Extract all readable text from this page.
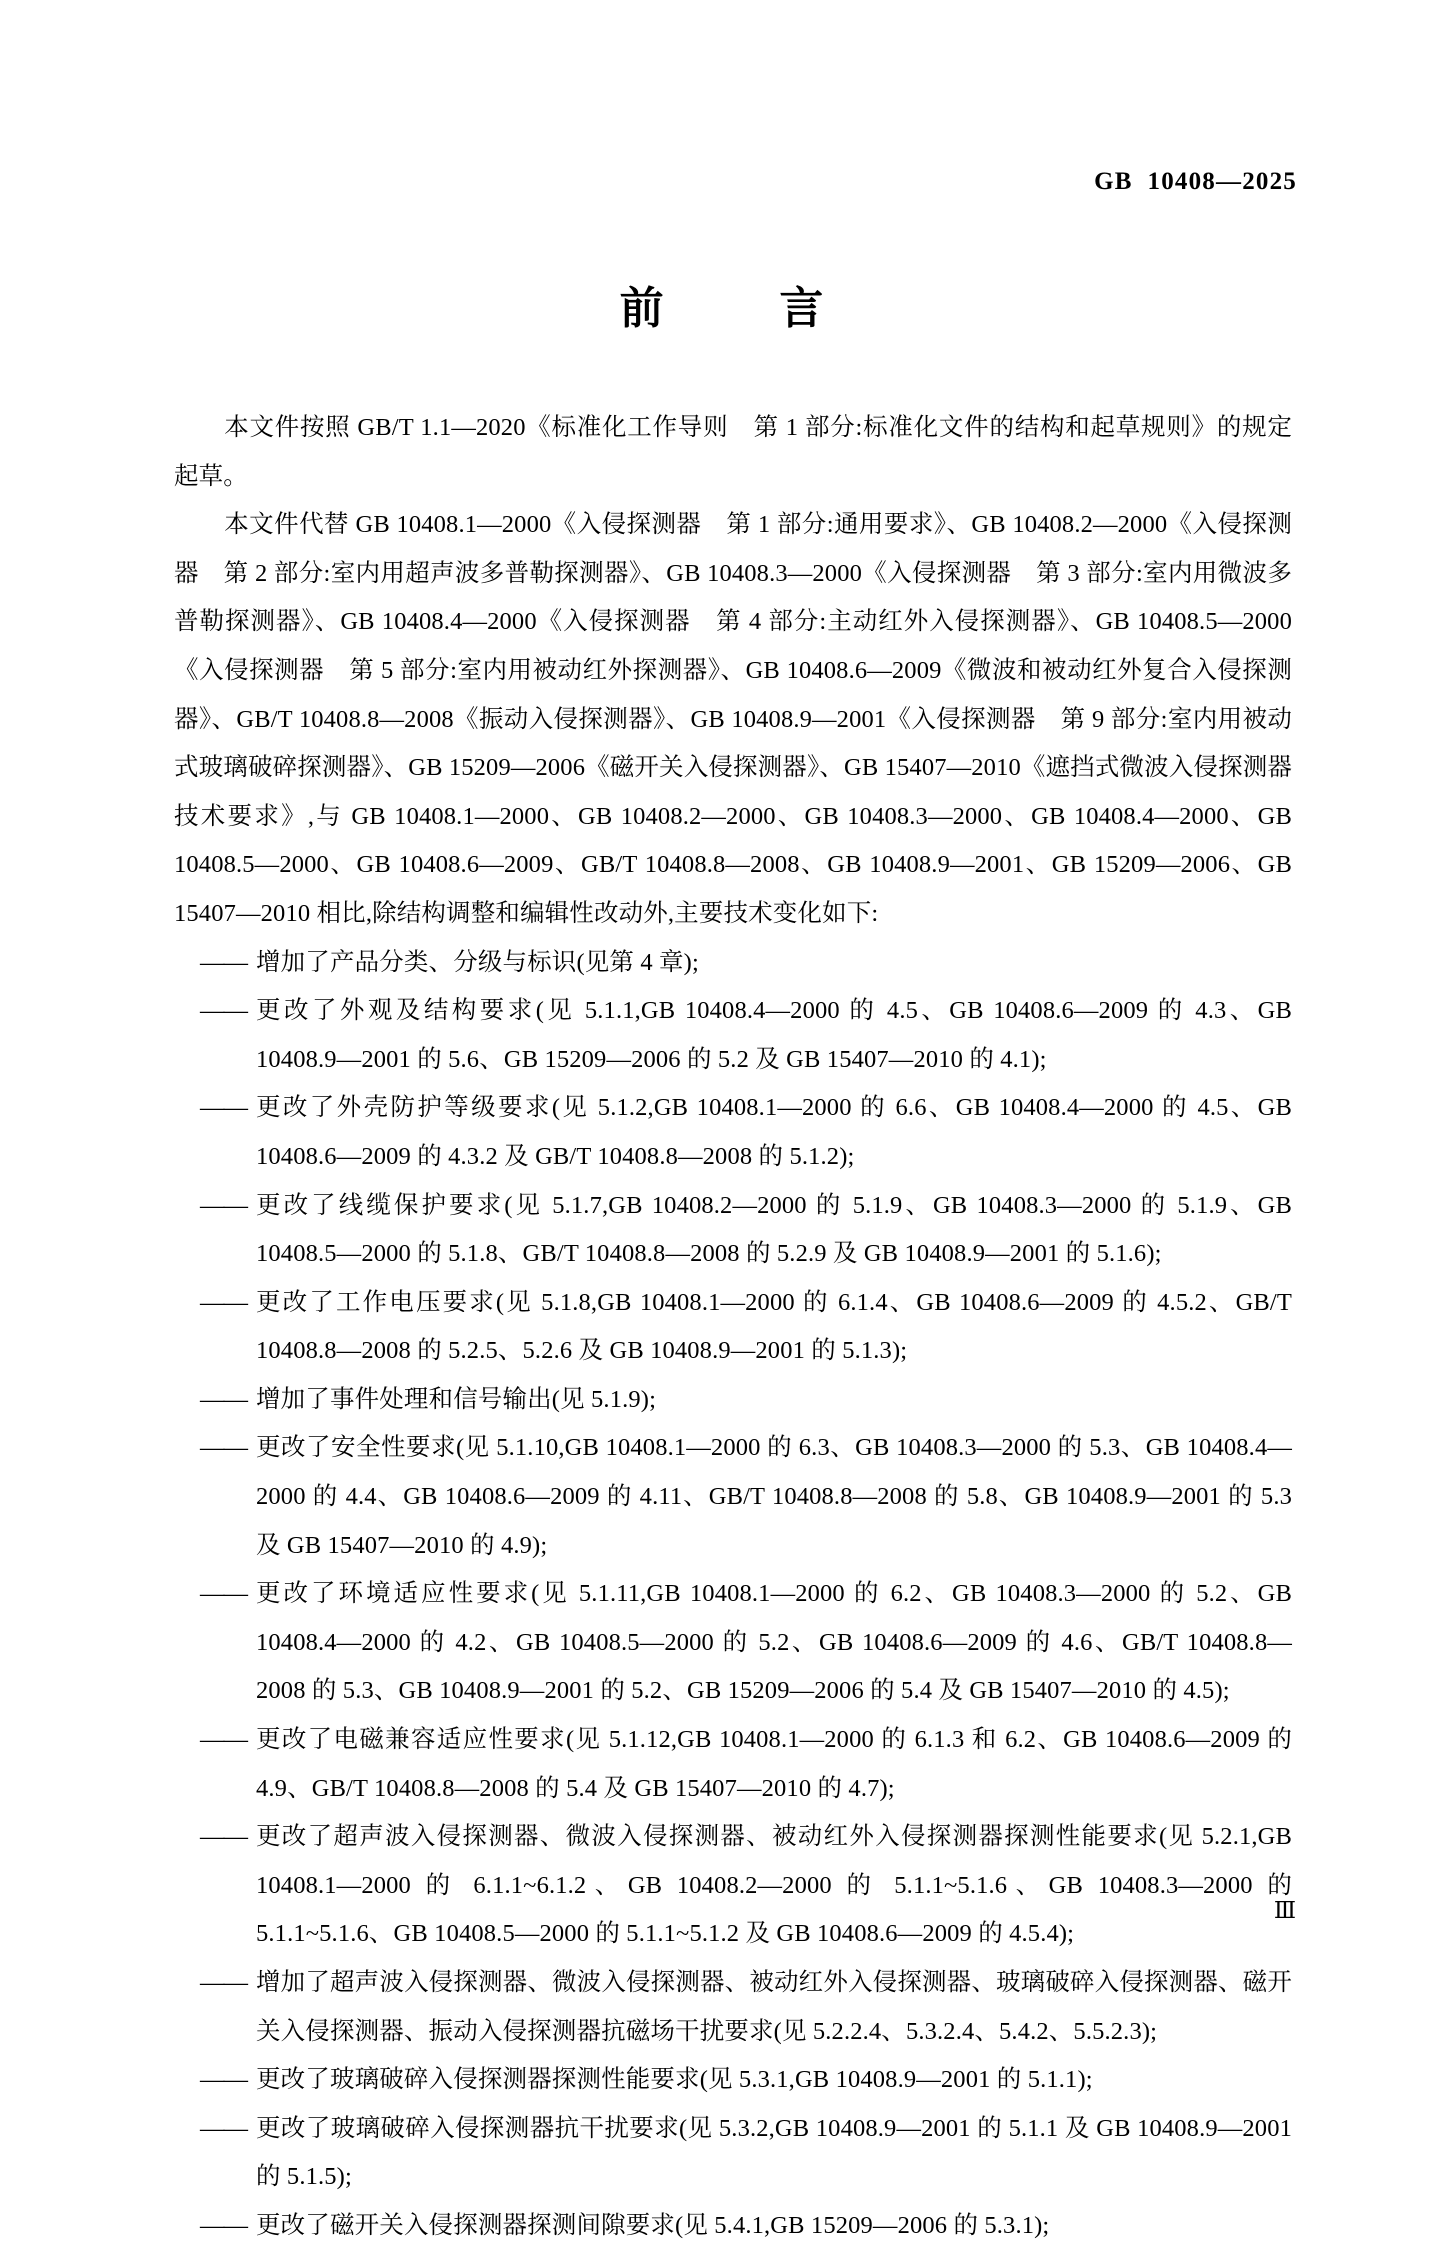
GB  10408—2025
前        言

本文件按照 GB/T 1.1—2020《标准化工作导则　第 1 部分:标准化文件的结构和起草规则》的规定起草。

本文件代替 GB 10408.1—2000《入侵探测器　第 1 部分:通用要求》、GB 10408.2—2000《入侵探测器　第 2 部分:室内用超声波多普勒探测器》、GB 10408.3—2000《入侵探测器　第 3 部分:室内用微波多普勒探测器》、GB 10408.4—2000《入侵探测器　第 4 部分:主动红外入侵探测器》、GB 10408.5—2000《入侵探测器　第 5 部分:室内用被动红外探测器》、GB 10408.6—2009《微波和被动红外复合入侵探测器》、GB/T 10408.8—2008《振动入侵探测器》、GB 10408.9—2001《入侵探测器　第 9 部分:室内用被动式玻璃破碎探测器》、GB 15209—2006《磁开关入侵探测器》、GB 15407—2010《遮挡式微波入侵探测器技术要求》,与 GB 10408.1—2000、GB 10408.2—2000、GB 10408.3—2000、GB 10408.4—2000、GB 10408.5—2000、GB 10408.6—2009、GB/T 10408.8—2008、GB 10408.9—2001、GB 15209—2006、GB 15407—2010 相比,除结构调整和编辑性改动外,主要技术变化如下:

—— 增加了产品分类、分级与标识(见第 4 章);

—— 更改了外观及结构要求(见 5.1.1,GB 10408.4—2000 的 4.5、GB 10408.6—2009 的 4.3、GB 10408.9—2001 的 5.6、GB 15209—2006 的 5.2 及 GB 15407—2010 的 4.1);

—— 更改了外壳防护等级要求(见 5.1.2,GB 10408.1—2000 的 6.6、GB 10408.4—2000 的 4.5、GB 10408.6—2009 的 4.3.2 及 GB/T 10408.8—2008 的 5.1.2);

—— 更改了线缆保护要求(见 5.1.7,GB 10408.2—2000 的 5.1.9、GB 10408.3—2000 的 5.1.9、GB 10408.5—2000 的 5.1.8、GB/T 10408.8—2008 的 5.2.9 及 GB 10408.9—2001 的 5.1.6);

—— 更改了工作电压要求(见 5.1.8,GB 10408.1—2000 的 6.1.4、GB 10408.6—2009 的 4.5.2、GB/T 10408.8—2008 的 5.2.5、5.2.6 及 GB 10408.9—2001 的 5.1.3);

—— 增加了事件处理和信号输出(见 5.1.9);

—— 更改了安全性要求(见 5.1.10,GB 10408.1—2000 的 6.3、GB 10408.3—2000 的 5.3、GB 10408.4—2000 的 4.4、GB 10408.6—2009 的 4.11、GB/T 10408.8—2008 的 5.8、GB 10408.9—2001 的 5.3 及 GB 15407—2010 的 4.9);

—— 更改了环境适应性要求(见 5.1.11,GB 10408.1—2000 的 6.2、GB 10408.3—2000 的 5.2、GB 10408.4—2000 的 4.2、GB 10408.5—2000 的 5.2、GB 10408.6—2009 的 4.6、GB/T 10408.8—2008 的 5.3、GB 10408.9—2001 的 5.2、GB 15209—2006 的 5.4 及 GB 15407—2010 的 4.5);

—— 更改了电磁兼容适应性要求(见 5.1.12,GB 10408.1—2000 的 6.1.3 和 6.2、GB 10408.6—2009 的 4.9、GB/T 10408.8—2008 的 5.4 及 GB 15407—2010 的 4.7);

—— 更改了超声波入侵探测器、微波入侵探测器、被动红外入侵探测器探测性能要求(见 5.2.1,GB 10408.1—2000 的 6.1.1~6.1.2、GB 10408.2—2000 的 5.1.1~5.1.6、GB 10408.3—2000 的 5.1.1~5.1.6、GB 10408.5—2000 的 5.1.1~5.1.2 及 GB 10408.6—2009 的 4.5.4);

—— 增加了超声波入侵探测器、微波入侵探测器、被动红外入侵探测器、玻璃破碎入侵探测器、磁开关入侵探测器、振动入侵探测器抗磁场干扰要求(见 5.2.2.4、5.3.2.4、5.4.2、5.5.2.3);

—— 更改了玻璃破碎入侵探测器探测性能要求(见 5.3.1,GB 10408.9—2001 的 5.1.1);

—— 更改了玻璃破碎入侵探测器抗干扰要求(见 5.3.2,GB 10408.9—2001 的 5.1.1 及 GB 10408.9—2001 的 5.1.5);

—— 更改了磁开关入侵探测器探测间隙要求(见 5.4.1,GB 15209—2006 的 5.3.1);

Ⅲ
